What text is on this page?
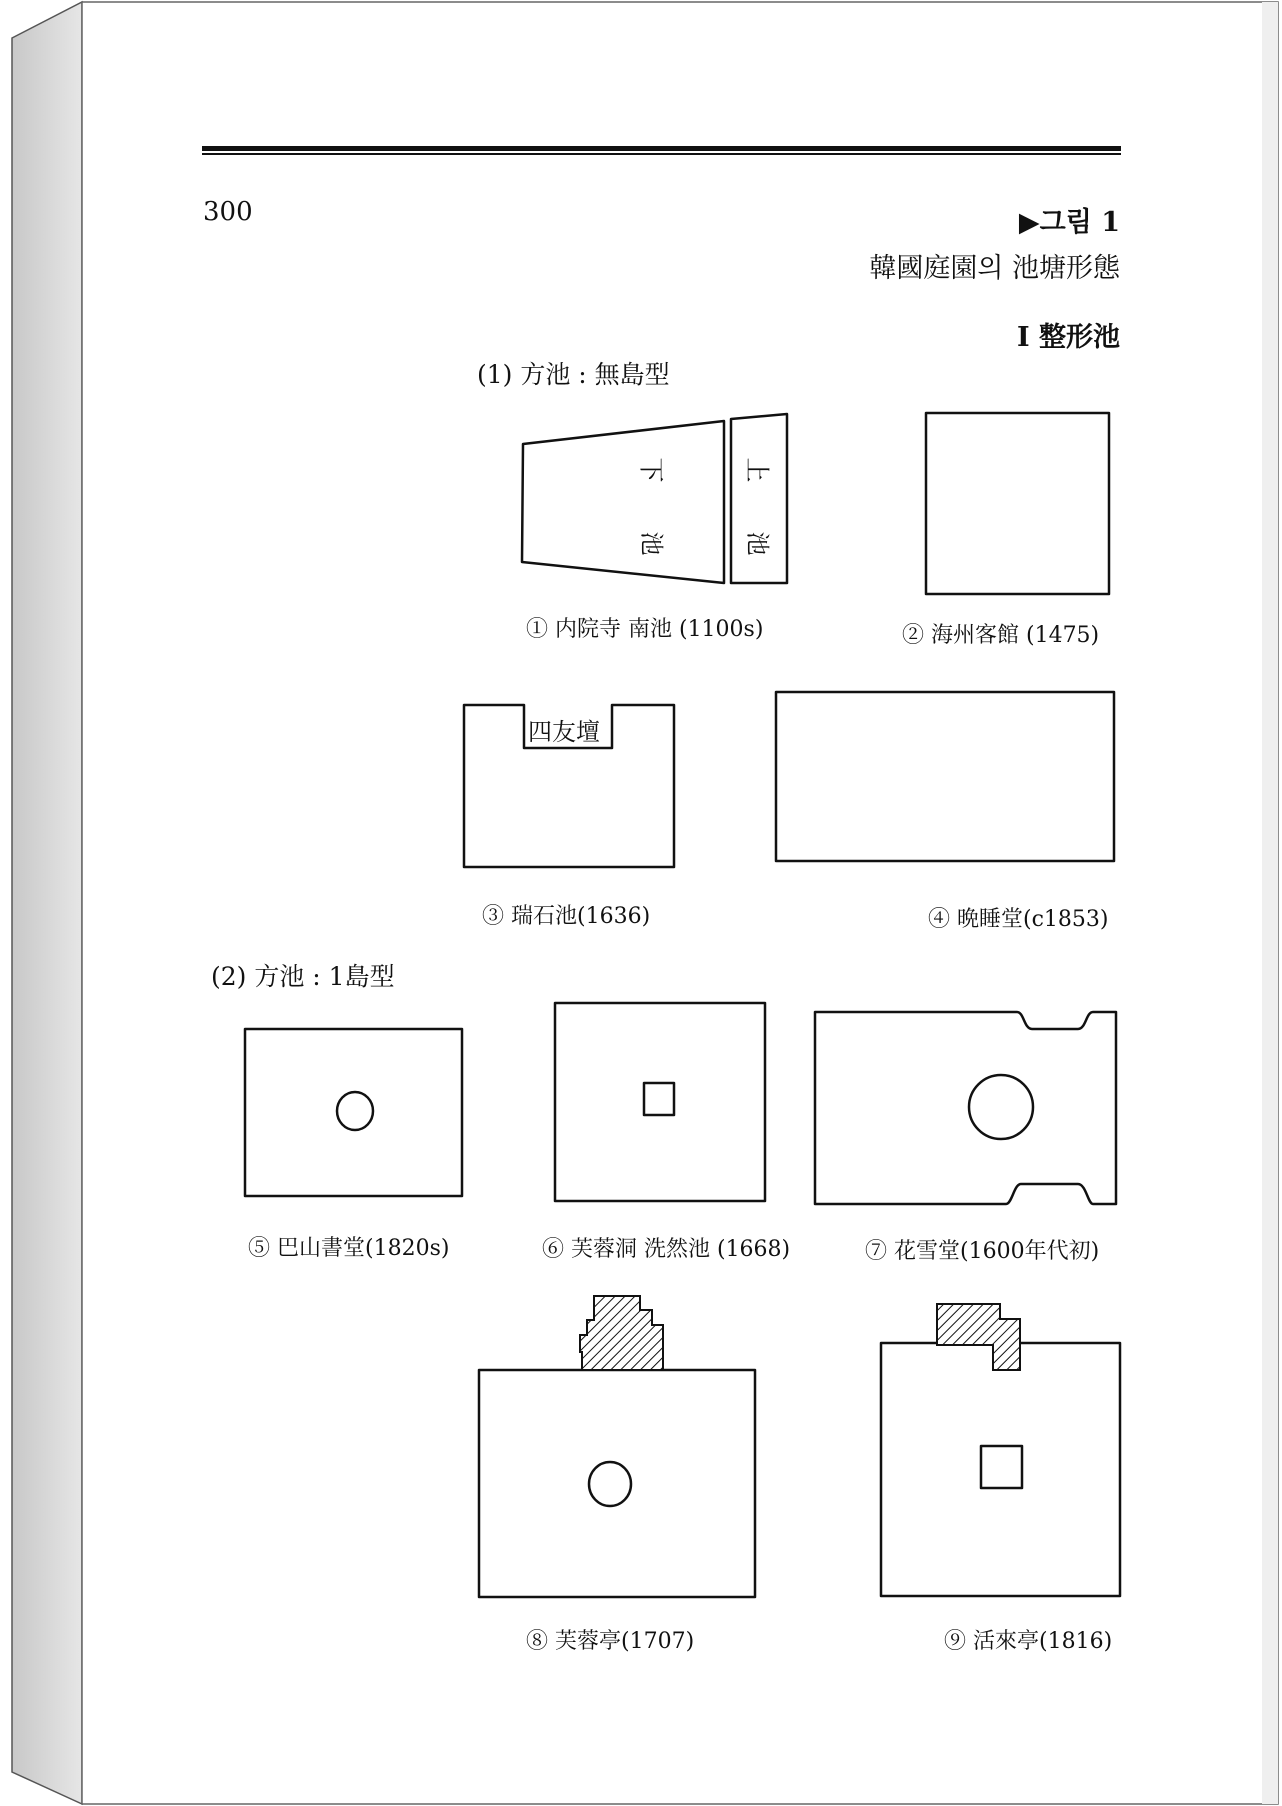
300	▶그림 1
韓國庭園의 池塘形態
I 整形池
(1) 方池 : 無島型
(2) 方池 : 1島型
下
池
上
池
四友壇
① 内院寺 南池 (1100s)	② 海州客館 (1475)
③ 瑞石池(1636)	④ 晩睡堂(c1853)
⑤ 巴山書堂(1820s)	⑥ 芙蓉洞 洗然池 (1668)	⑦ 花雪堂(1600年代初)
⑧ 芙蓉亭(1707)	⑨ 活來亭(1816)
